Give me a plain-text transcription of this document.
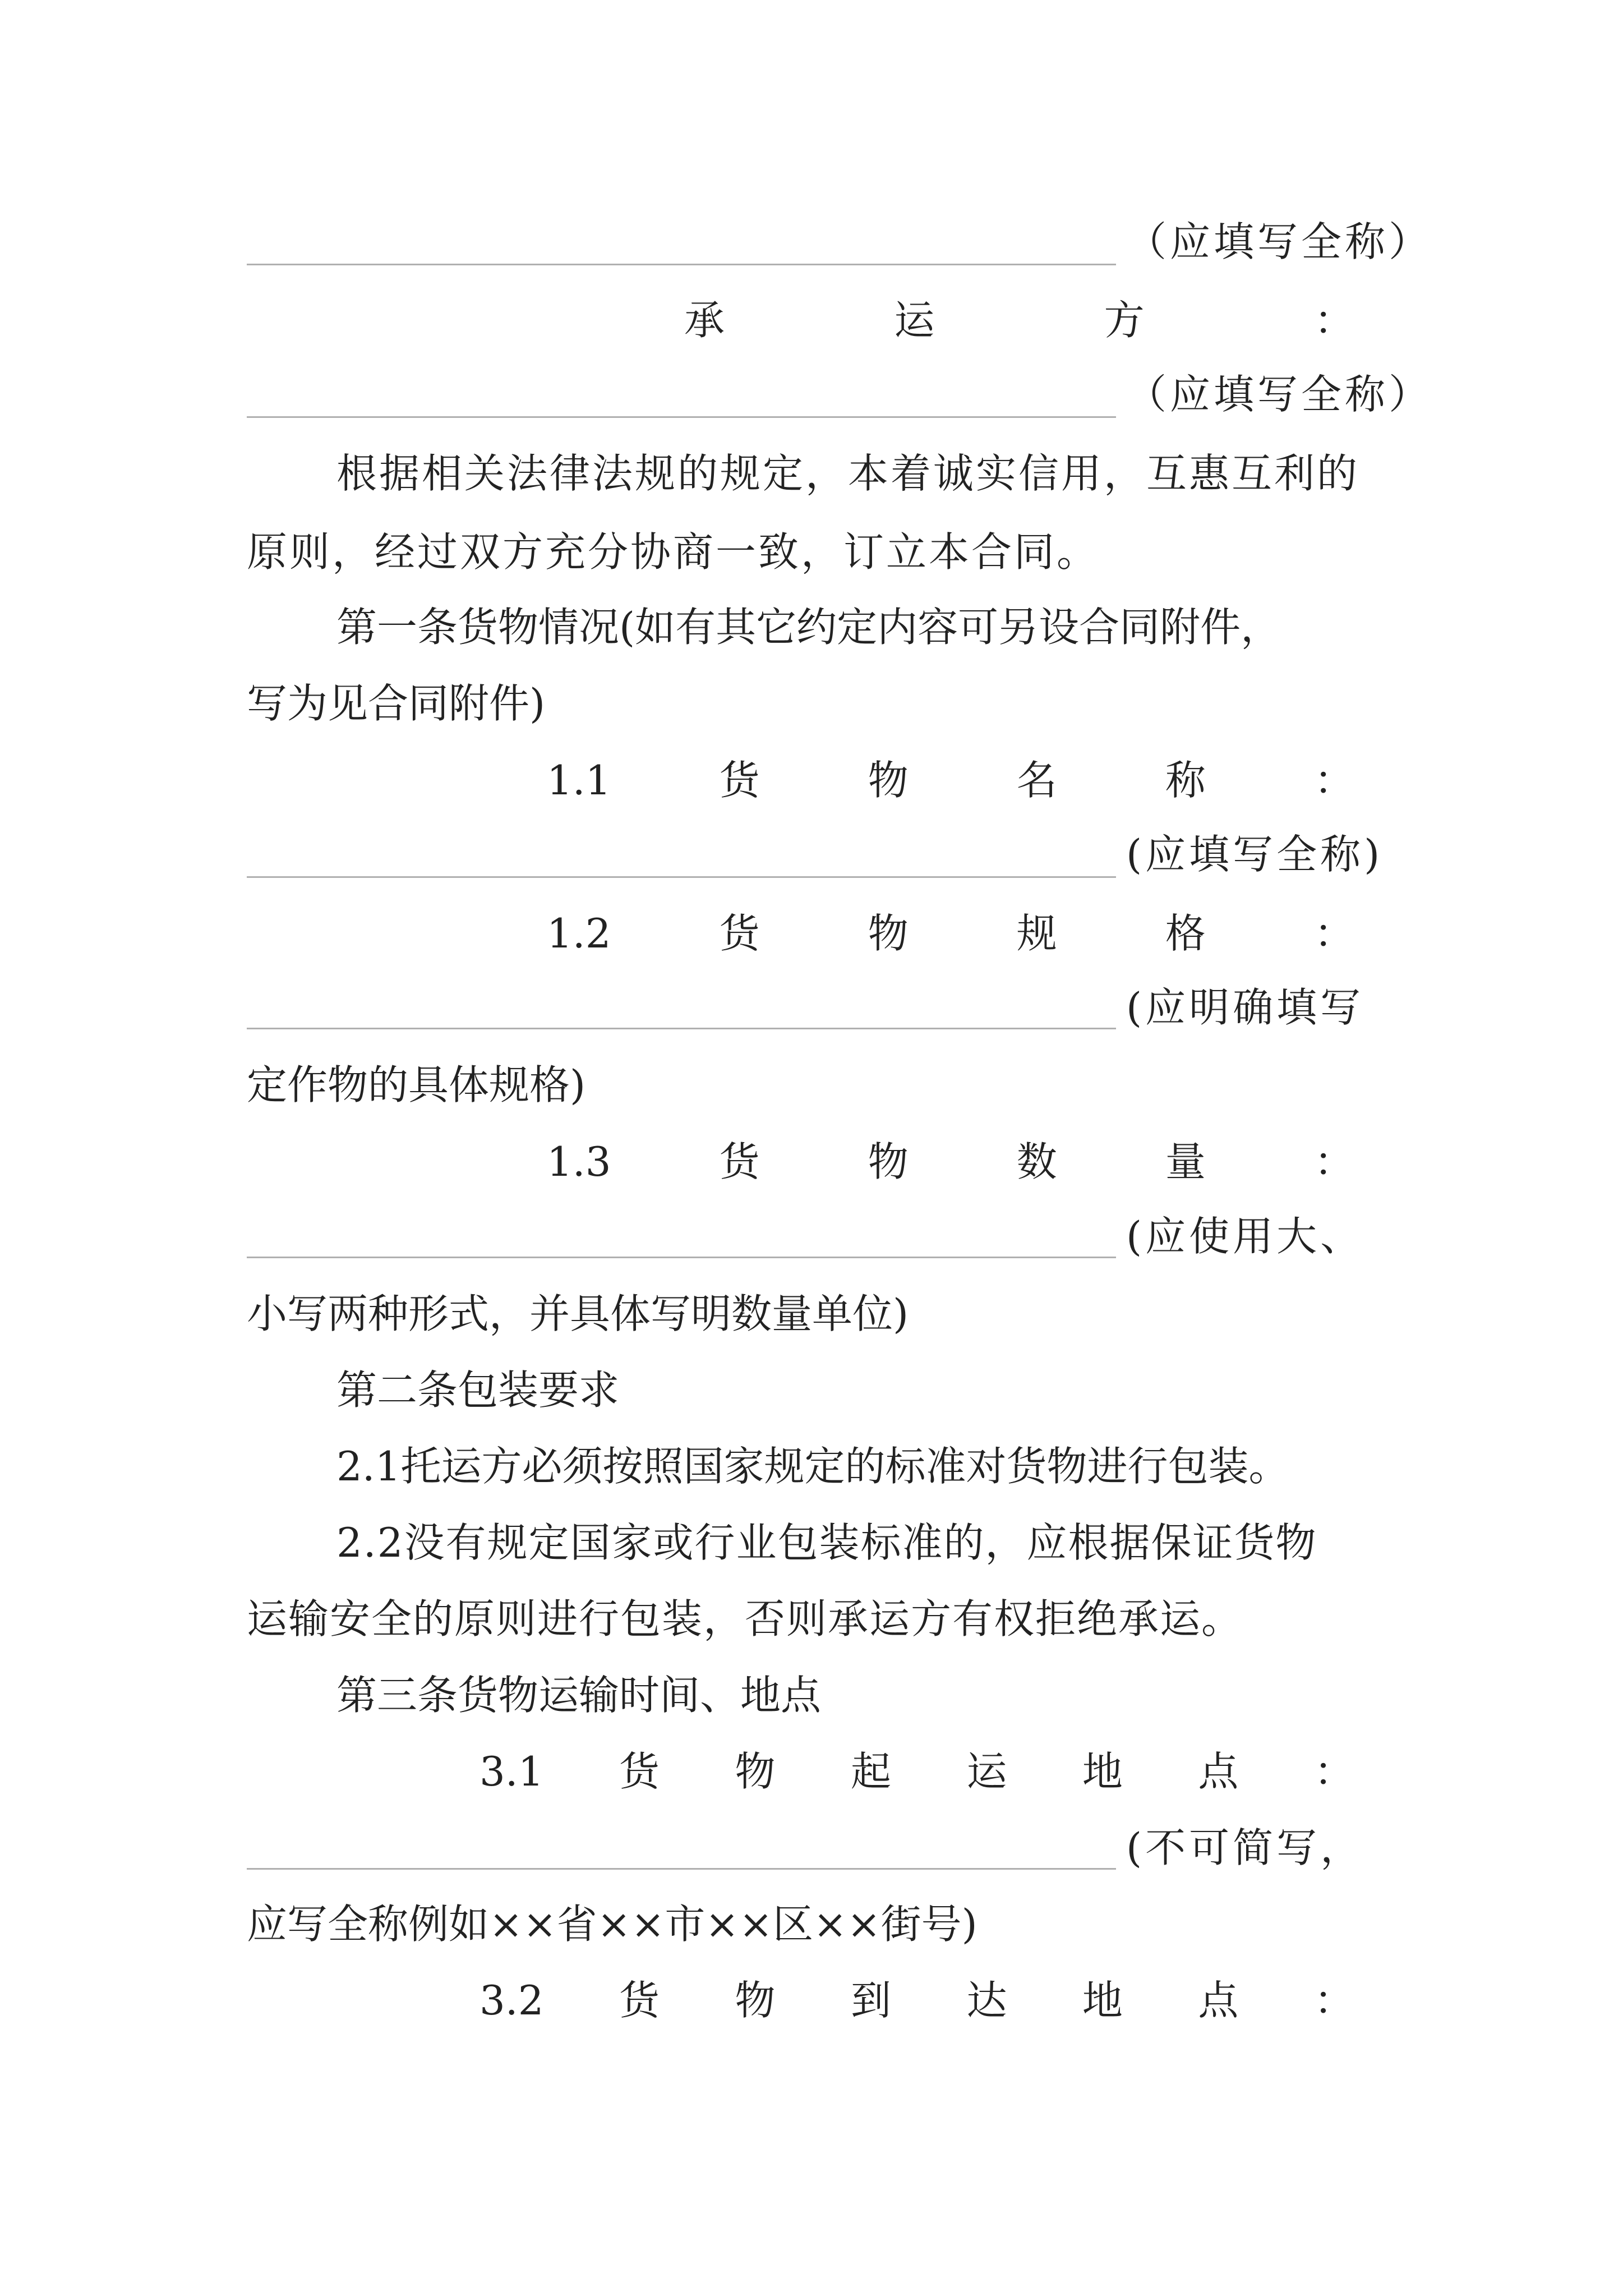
（应填写全称）
承	运	方	：
（应填写全称）
根据相关法律法规的规定，本着诚实信用，互惠互利的
原则，经过双方充分协商一致，订立本合同。
第一条货物情况(如有其它约定内容可另设合同附件，
写为见合同附件)
1.1	货	物	名	称	：
(应填写全称)
1.2	货	物	规	格	：
(应明确填写
定作物的具体规格)
1.3	货	物	数	量	：
(应使用大、
小写两种形式，并具体写明数量单位)
第二条包装要求
2.1托运方必须按照国家规定的标准对货物进行包装。
2.2没有规定国家或行业包装标准的，应根据保证货物
运输安全的原则进行包装，否则承运方有权拒绝承运。
第三条货物运输时间、地点
3.1 货 物 起 运 地 点 ：
(不可简写，
应写全称例如××省××市××区××街号)
3.2 货 物 到 达 地 点 ：
